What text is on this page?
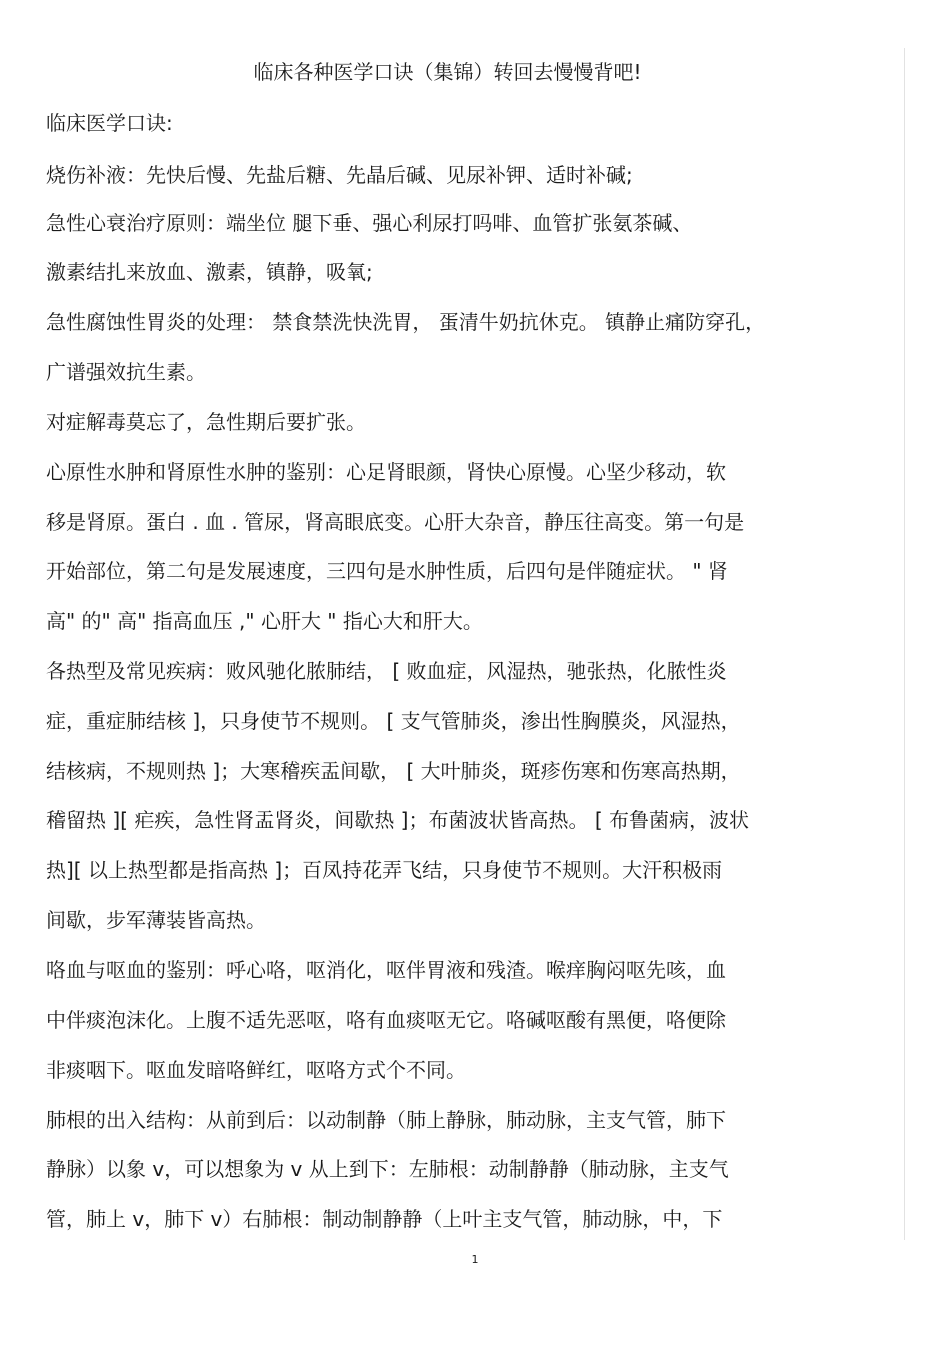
临床各种医学口诀（集锦）转回去慢慢背吧!
临床医学口诀:
烧伤补液：先快后慢、先盐后糖、先晶后碱、见尿补钾、适时补碱;
急性心衰治疗原则：端坐位 腿下垂、强心利尿打吗啡、血管扩张氨茶碱、
激素结扎来放血、激素，镇静，吸氧;
急性腐蚀性胃炎的处理： 禁食禁洗快洗胃， 蛋清牛奶抗休克。 镇静止痛防穿孔，
广谱强效抗生素。
对症解毒莫忘了，急性期后要扩张。
心原性水肿和肾原性水肿的鉴别：心足肾眼颜，肾快心原慢。心坚少移动，软
移是肾原。蛋白 . 血 . 管尿，肾高眼底变。心肝大杂音，静压往高变。第一句是
开始部位，第二句是发展速度，三四句是水肿性质，后四句是伴随症状。 " 肾
高" 的" 高" 指高血压 ," 心肝大 " 指心大和肝大。
各热型及常见疾病：败风驰化脓肺结， [ 败血症，风湿热，驰张热，化脓性炎
症，重症肺结核 ]，只身使节不规则。 [ 支气管肺炎，渗出性胸膜炎，风湿热，
结核病，不规则热 ]；大寒稽疾盂间歇， [ 大叶肺炎，斑疹伤寒和伤寒高热期，
稽留热 ][ 疟疾，急性肾盂肾炎，间歇热 ]；布菌波状皆高热。 [ 布鲁菌病，波状
热][ 以上热型都是指高热 ]；百凤持花弄飞结，只身使节不规则。大汗积极雨
间歇，步军薄装皆高热。
咯血与呕血的鉴别：呼心咯，呕消化，呕伴胃液和残渣。喉痒胸闷呕先咳，血
中伴痰泡沫化。上腹不适先恶呕，咯有血痰呕无它。咯碱呕酸有黑便，咯便除
非痰咽下。呕血发暗咯鲜红，呕咯方式个不同。
肺根的出入结构：从前到后：以动制静（肺上静脉，肺动脉，主支气管，肺下
静脉）以象 v，可以想象为 v 从上到下：左肺根：动制静静（肺动脉，主支气
管，肺上 v，肺下 v）右肺根：制动制静静（上叶主支气管，肺动脉，中，下
1
